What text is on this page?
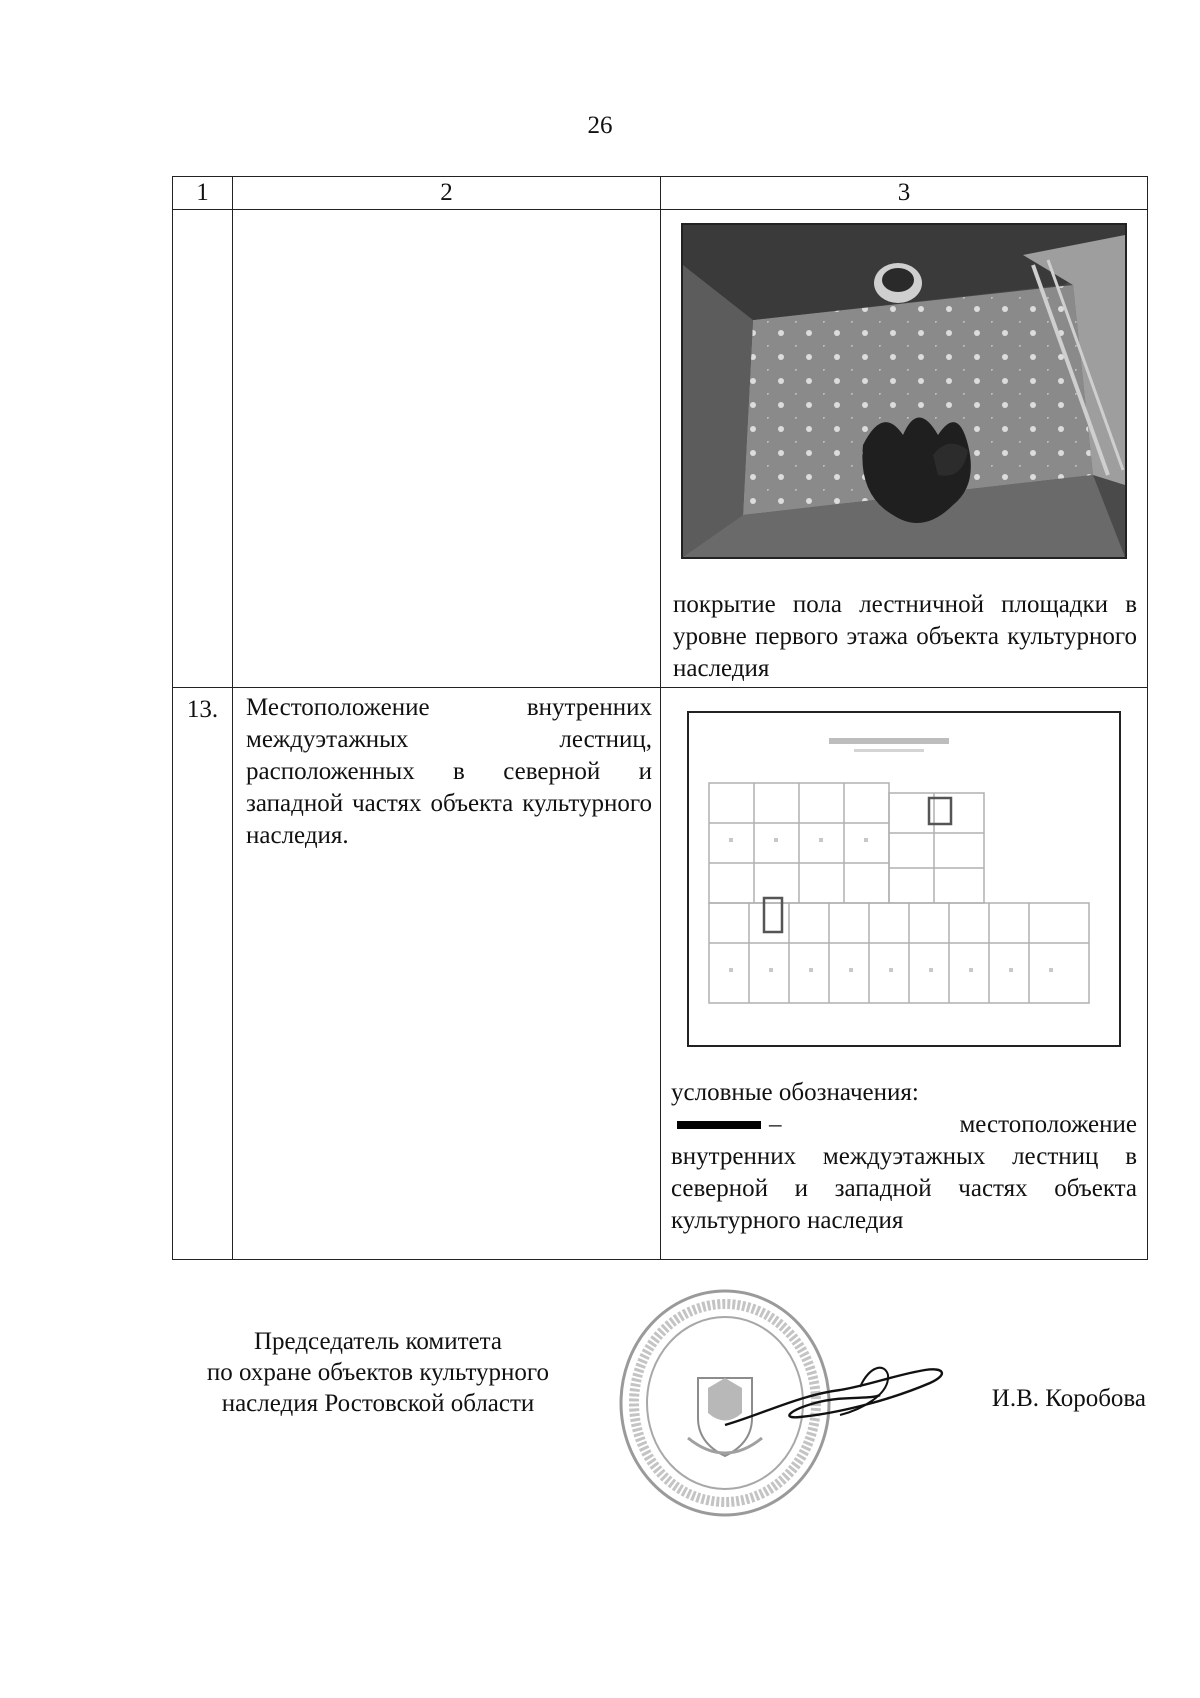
26
1	2	3

		покрытие пола лестничной площадки в уровне первого этажа объекта культурного наследия

13.	Местоположение внутренних междуэтажных лестниц, расположенных в северной и западной частях объекта культурного наследия.	условные обозначения:
– местоположение
внутренних междуэтажных лестниц в северной и западной частях объекта культурного наследия
Председатель комитета
по охране объектов культурного
наследия Ростовской области	И.В. Коробова
